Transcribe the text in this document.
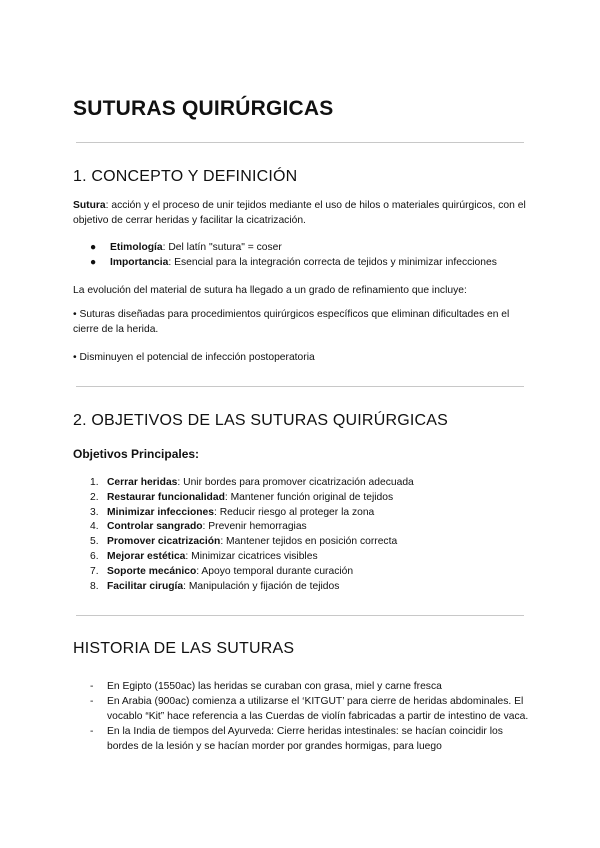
SUTURAS QUIRÚRGICAS
1. CONCEPTO Y DEFINICIÓN

Sutura: acción y el proceso de unir tejidos mediante el uso de hilos o materiales quirúrgicos, con el objetivo de cerrar heridas y facilitar la cicatrización.

● Etimología: Del latín "sutura" = coser
● Importancia: Esencial para la integración correcta de tejidos y minimizar infecciones

La evolución del material de sutura ha llegado a un grado de refinamiento que incluye:

• Suturas diseñadas para procedimientos quirúrgicos específicos que eliminan dificultades en el cierre de la herida.

• Disminuyen el potencial de infección postoperatoria

2. OBJETIVOS DE LAS SUTURAS QUIRÚRGICAS
Objetivos Principales:
1. Cerrar heridas: Unir bordes para promover cicatrización adecuada
2. Restaurar funcionalidad: Mantener función original de tejidos
3. Minimizar infecciones: Reducir riesgo al proteger la zona
4. Controlar sangrado: Prevenir hemorragias
5. Promover cicatrización: Mantener tejidos en posición correcta
6. Mejorar estética: Minimizar cicatrices visibles
7. Soporte mecánico: Apoyo temporal durante curación
8. Facilitar cirugía: Manipulación y fijación de tejidos
HISTORIA DE LAS SUTURAS
- En Egipto (1550ac) las heridas se curaban con grasa, miel y carne fresca
- En Arabia (900ac) comienza a utilizarse el ‘KITGUT’ para cierre de heridas abdominales. El vocablo “Kit” hace referencia a las Cuerdas de violín fabricadas a partir de intestino de vaca.
- En la India de tiempos del Ayurveda: Cierre heridas intestinales: se hacían coincidir los bordes de la lesión y se hacían morder por grandes hormigas, para luego
